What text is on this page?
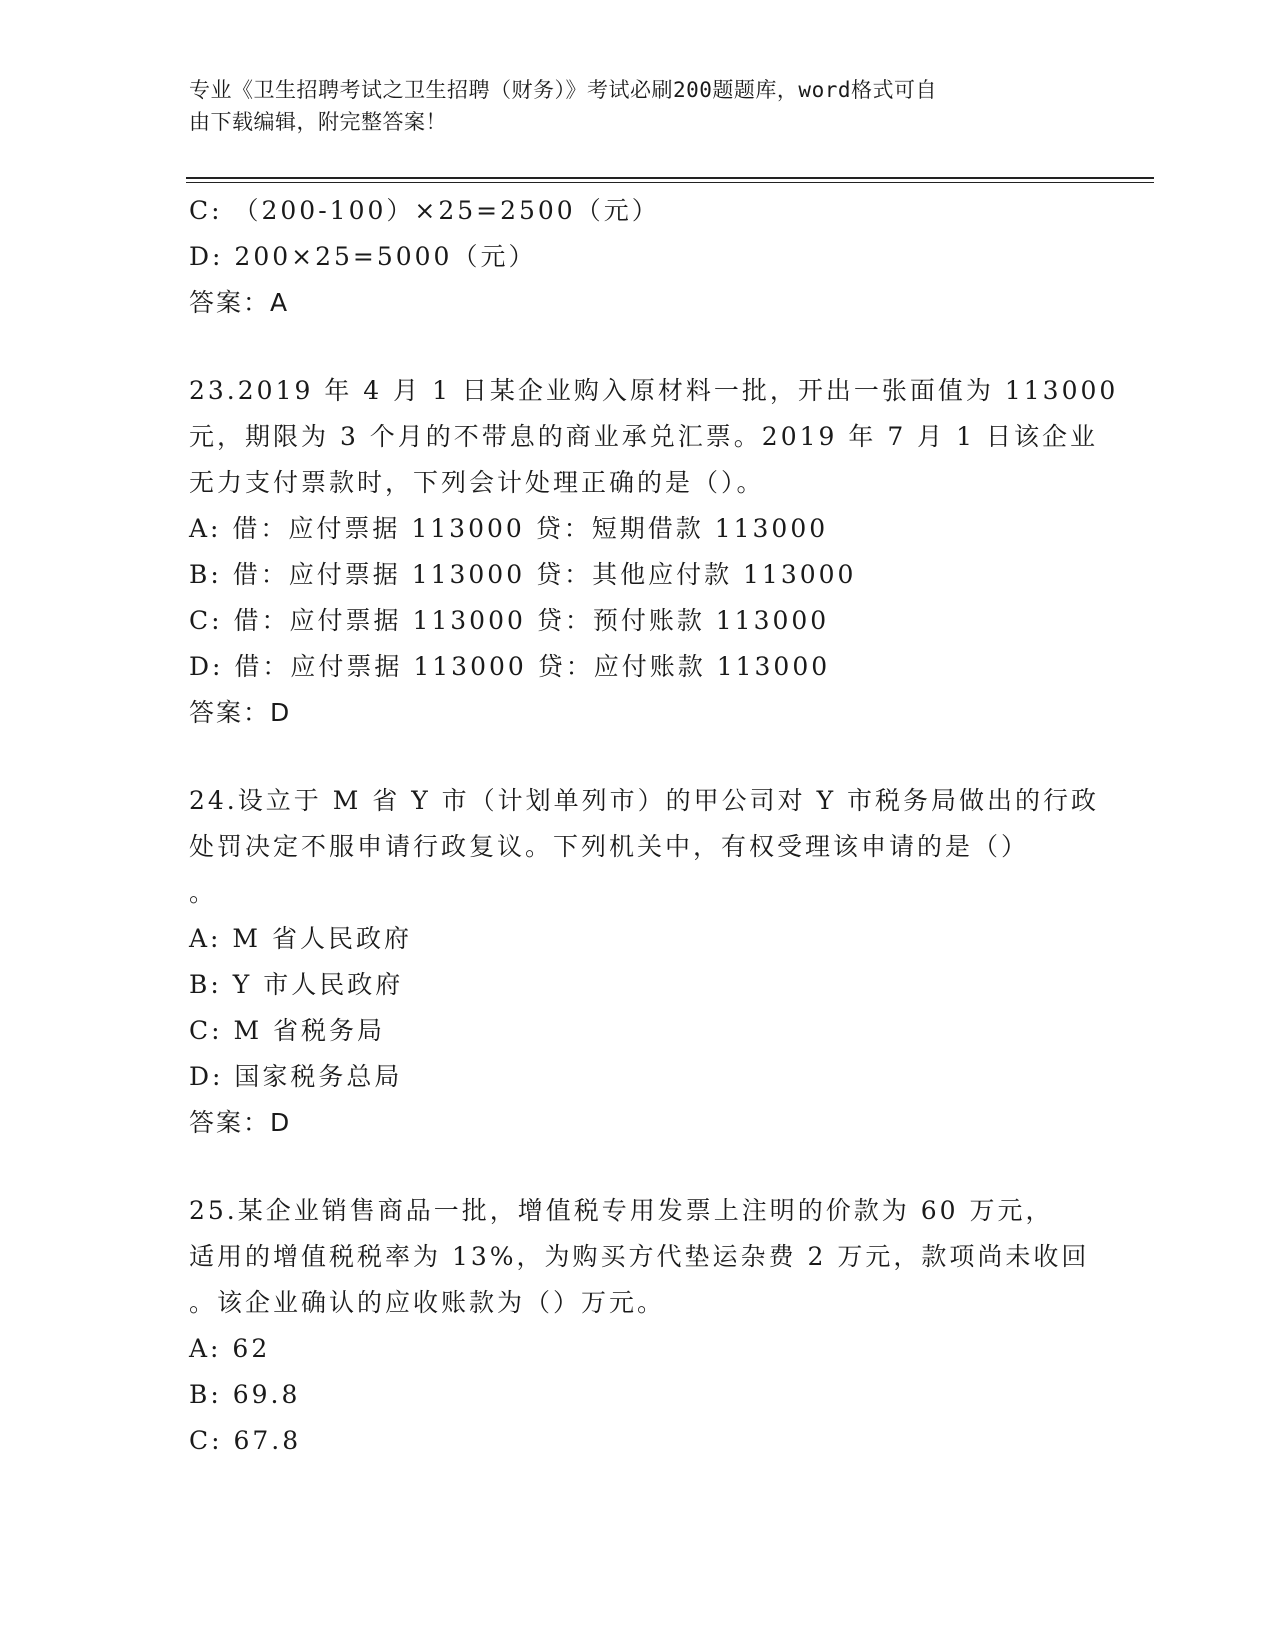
专业《卫生招聘考试之卫生招聘（财务）》考试必刷200题题库，word格式可自
由下载编辑，附完整答案！
C: （200-100）×25=2500（元）
D: 200×25=5000（元）
答案：A
23.2019 年 4 月 1 日某企业购入原材料一批，开出一张面值为 113000
元，期限为 3 个月的不带息的商业承兑汇票。2019 年 7 月 1 日该企业
无力支付票款时，下列会计处理正确的是（）。
A: 借：应付票据 113000 贷：短期借款 113000
B: 借：应付票据 113000 贷：其他应付款 113000
C: 借：应付票据 113000 贷：预付账款 113000
D: 借：应付票据 113000 贷：应付账款 113000
答案：D
24.设立于 M 省 Y 市（计划单列市）的甲公司对 Y 市税务局做出的行政
处罚决定不服申请行政复议。下列机关中，有权受理该申请的是（）
。
A: M 省人民政府
B: Y 市人民政府
C: M 省税务局
D: 国家税务总局
答案：D
25.某企业销售商品一批，增值税专用发票上注明的价款为 60 万元，
适用的增值税税率为 13%，为购买方代垫运杂费 2 万元，款项尚未收回
。该企业确认的应收账款为（）万元。
A: 62
B: 69.8
C: 67.8
